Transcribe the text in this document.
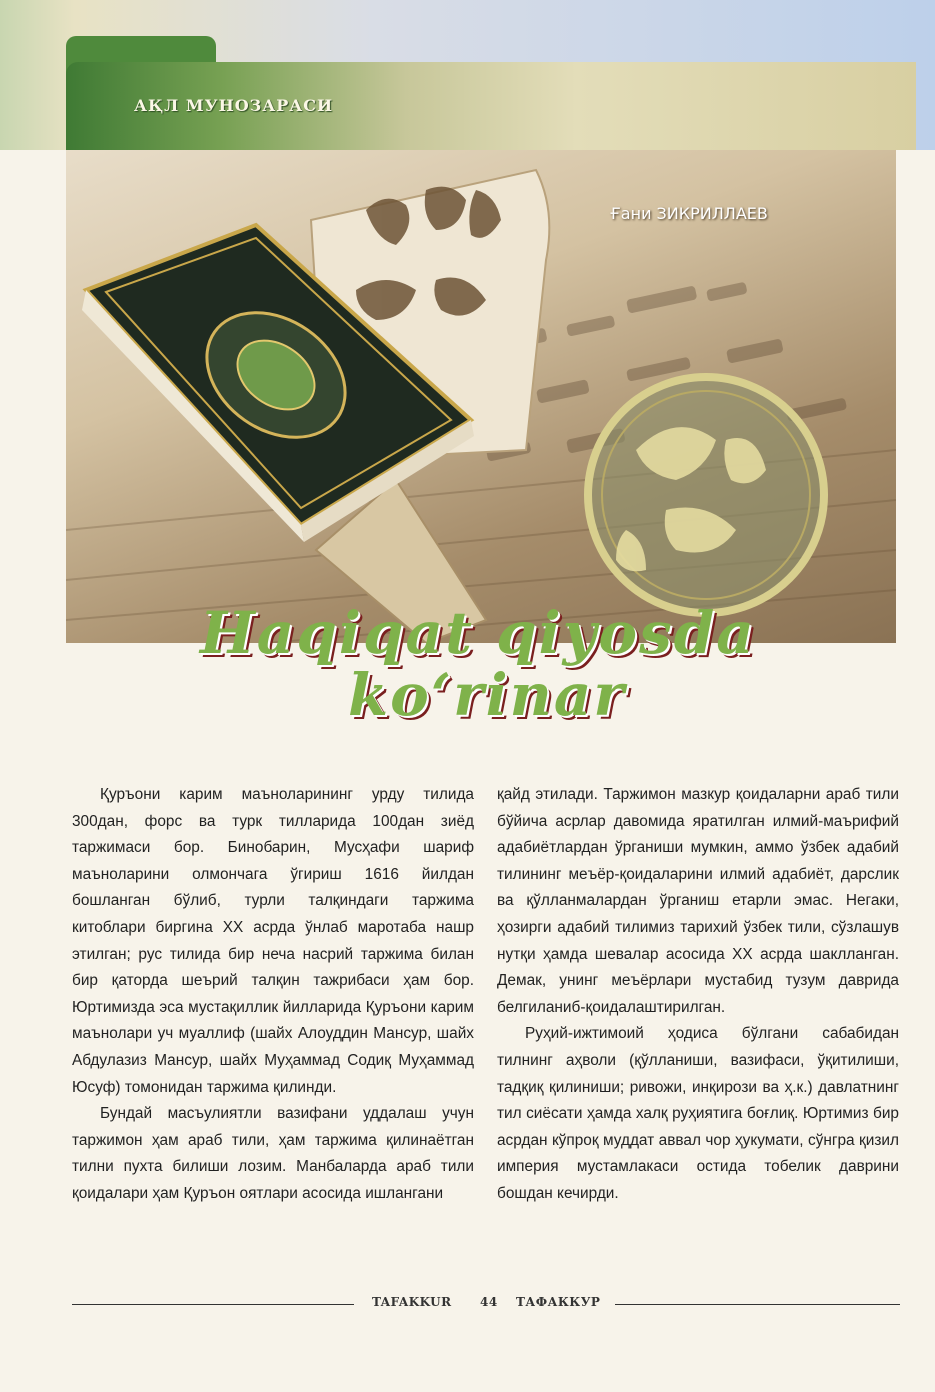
АҚЛ МУНОЗАРАСИ
Ғани ЗИКРИЛЛАЕВ
Haqiqat qiyosda
ko‘rinar

Қуръони карим маъноларининг урду тилида 300дан, форс ва турк тилларида 100дан зиёд таржимаси бор. Бинобарин, Мусҳафи шариф маъноларини олмончага ўгириш 1616 йилдан бошланган бўлиб, турли талқиндаги таржима китоблари биргина XX асрда ўнлаб маротаба нашр этилган; рус тилида бир неча насрий таржима билан бир қаторда шеърий талқин тажрибаси ҳам бор. Юртимизда эса мустақиллик йилларида Қуръони карим маънолари уч муаллиф (шайх Алоуддин Мансур, шайх Абдулазиз Мансур, шайх Муҳаммад Содиқ Муҳаммад Юсуф) томонидан таржима қилинди.

Бундай масъулиятли вазифани уддалаш учун таржимон ҳам араб тили, ҳам таржима қилинаётган тилни пухта билиши лозим. Манбаларда араб тили қоидалари ҳам Қуръон оятлари асосида ишлангани

қайд этилади. Таржимон мазкур қоидаларни араб тили бўйича асрлар давомида яратилган илмий-маърифий адабиётлардан ўрганиши мумкин, аммо ўзбек адабий тилининг меъёр-қоидаларини илмий адабиёт, дарслик ва қўлланмалардан ўрганиш етарли эмас. Негаки, ҳозирги адабий тилимиз тарихий ўзбек тили, сўзлашув нутқи ҳамда шевалар асосида XX асрда шаклланган. Демак, унинг меъёрлари мустабид тузум даврида белгиланиб-қоидалаштирилган.

Руҳий-ижтимоий ҳодиса бўлгани сабабидан тилнинг аҳволи (қўлланиши, вазифаси, ўқитилиши, тадқиқ қилиниши; ривожи, инқирози ва ҳ.к.) давлатнинг тил сиёсати ҳамда халқ руҳиятига боғлиқ. Юртимиз бир асрдан кўпроқ муддат аввал чор ҳукумати, сўнгра қизил империя мустамлакаси остида тобелик даврини бошдан кечирди.

TAFAKKUR 44 ТАФАККУР
